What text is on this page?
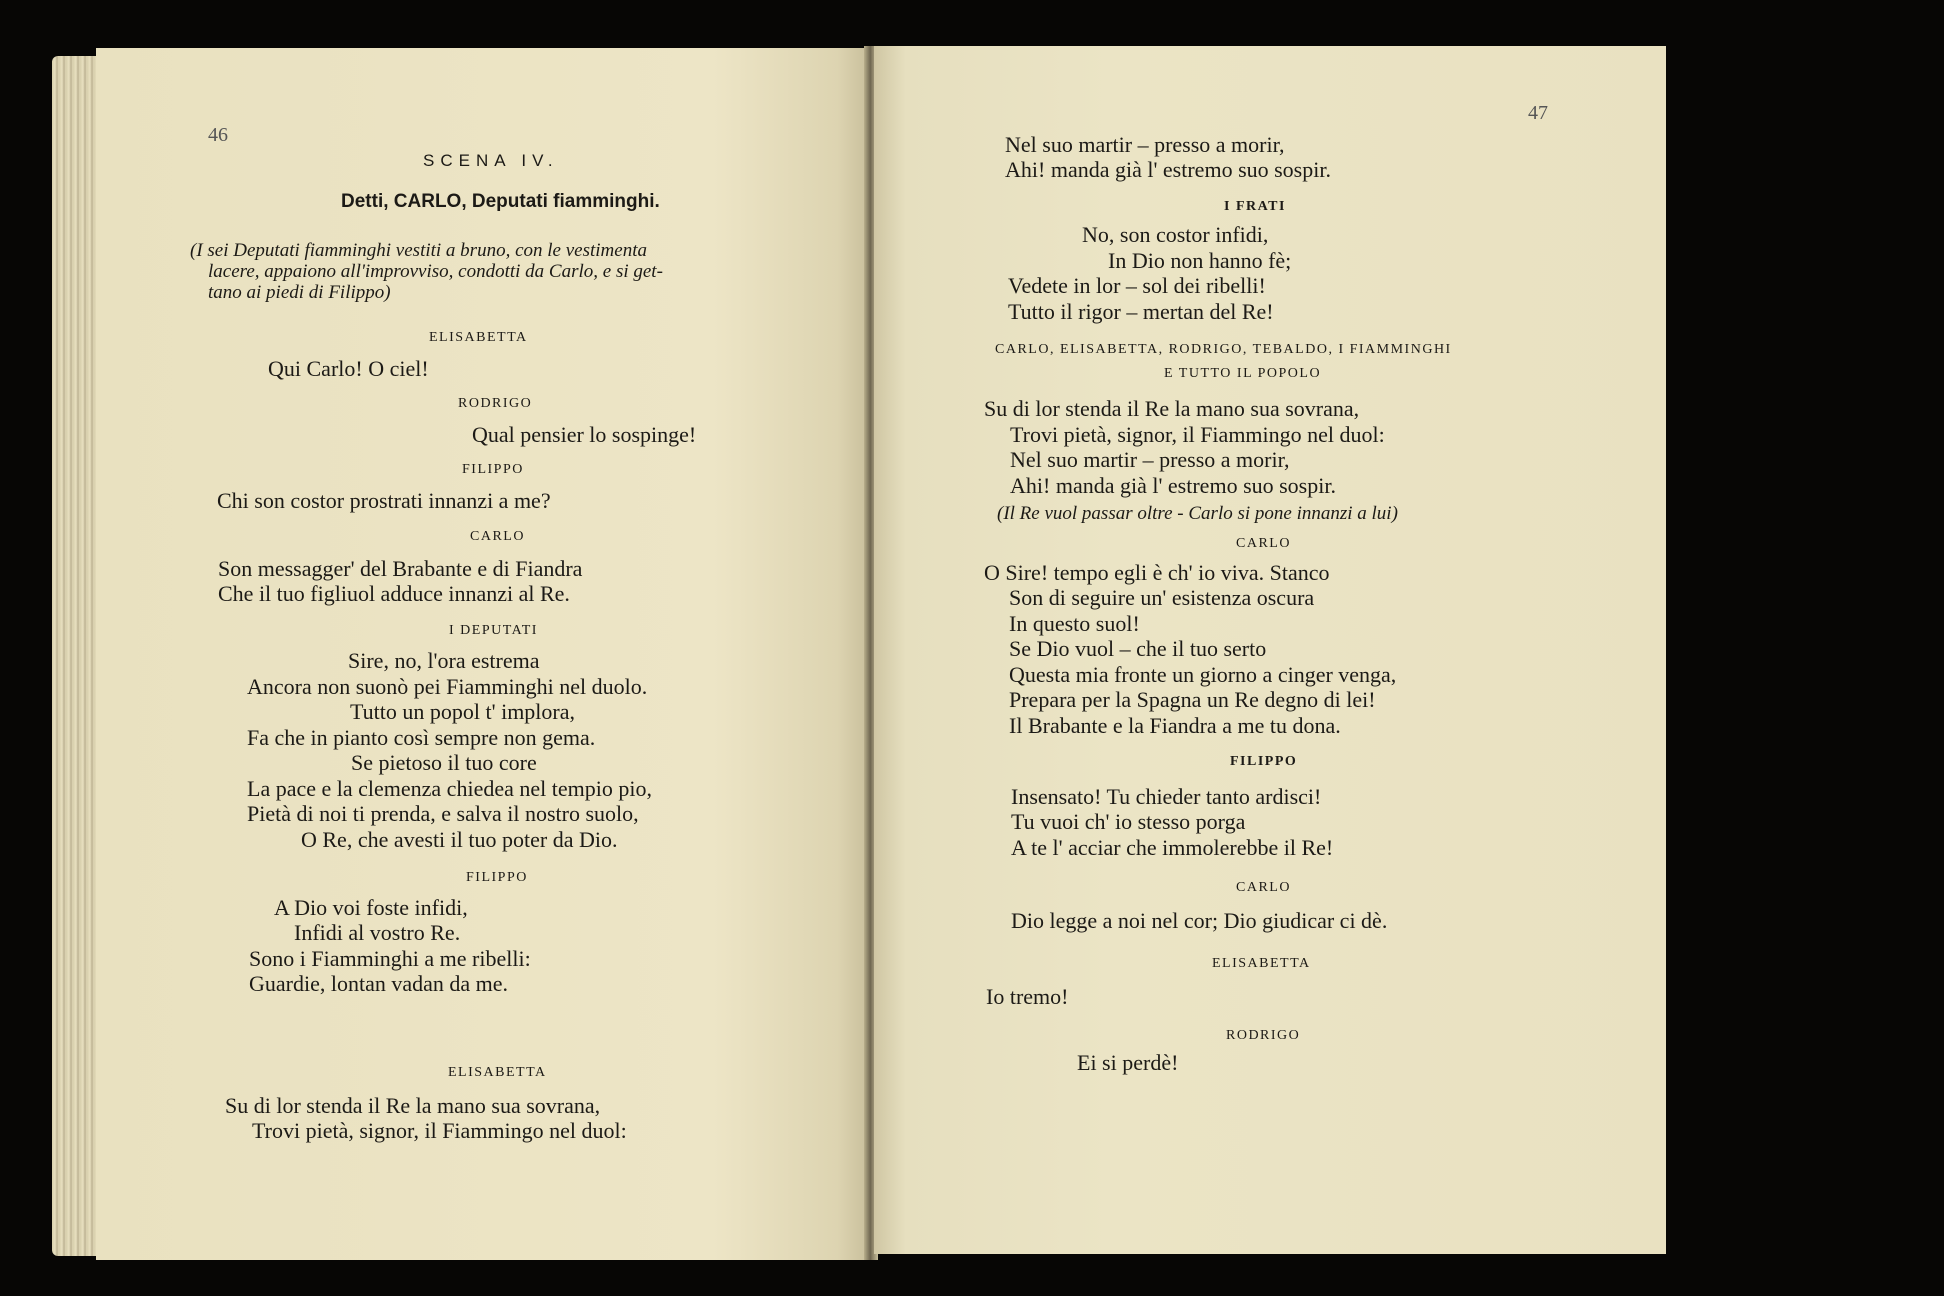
46
SCENA IV.
Detti, CARLO, Deputati fiamminghi.
(I sei Deputati fiamminghi vestiti a bruno, con le vestimenta
lacere, appaiono all'improvviso, condotti da Carlo, e si get-
tano ai piedi di Filippo)
ELISABETTA
Qui Carlo! O ciel!
RODRIGO
Qual pensier lo sospinge!
FILIPPO
Chi son costor prostrati innanzi a me?
CARLO
Son messagger' del Brabante e di Fiandra
Che il tuo figliuol adduce innanzi al Re.
I DEPUTATI
Sire, no, l'ora estrema
Ancora non suonò pei Fiamminghi nel duolo.
Tutto un popol t' implora,
Fa che in pianto così sempre non gema.
Se pietoso il tuo core
La pace e la clemenza chiedea nel tempio pio,
Pietà di noi ti prenda, e salva il nostro suolo,
O Re, che avesti il tuo poter da Dio.
FILIPPO
A Dio voi foste infidi,
Infidi al vostro Re.
Sono i Fiamminghi a me ribelli:
Guardie, lontan vadan da me.
ELISABETTA
Su di lor stenda il Re la mano sua sovrana,
Trovi pietà, signor, il Fiammingo nel duol:
47
Nel suo martir – presso a morir,
Ahi! manda già l' estremo suo sospir.
I FRATI
No, son costor infidi,
In Dio non hanno fè;
Vedete in lor – sol dei ribelli!
Tutto il rigor – mertan del Re!
CARLO, ELISABETTA, RODRIGO, TEBALDO, I FIAMMINGHI
E TUTTO IL POPOLO
Su di lor stenda il Re la mano sua sovrana,
Trovi pietà, signor, il Fiammingo nel duol:
Nel suo martir – presso a morir,
Ahi! manda già l' estremo suo sospir.
(Il Re vuol passar oltre - Carlo si pone innanzi a lui)
CARLO
O Sire! tempo egli è ch' io viva. Stanco
Son di seguire un' esistenza oscura
In questo suol!
Se Dio vuol – che il tuo serto
Questa mia fronte un giorno a cinger venga,
Prepara per la Spagna un Re degno di lei!
Il Brabante e la Fiandra a me tu dona.
FILIPPO
Insensato! Tu chieder tanto ardisci!
Tu vuoi ch' io stesso porga
A te l' acciar che immolerebbe il Re!
CARLO
Dio legge a noi nel cor; Dio giudicar ci dè.
ELISABETTA
Io tremo!
RODRIGO
Ei si perdè!
